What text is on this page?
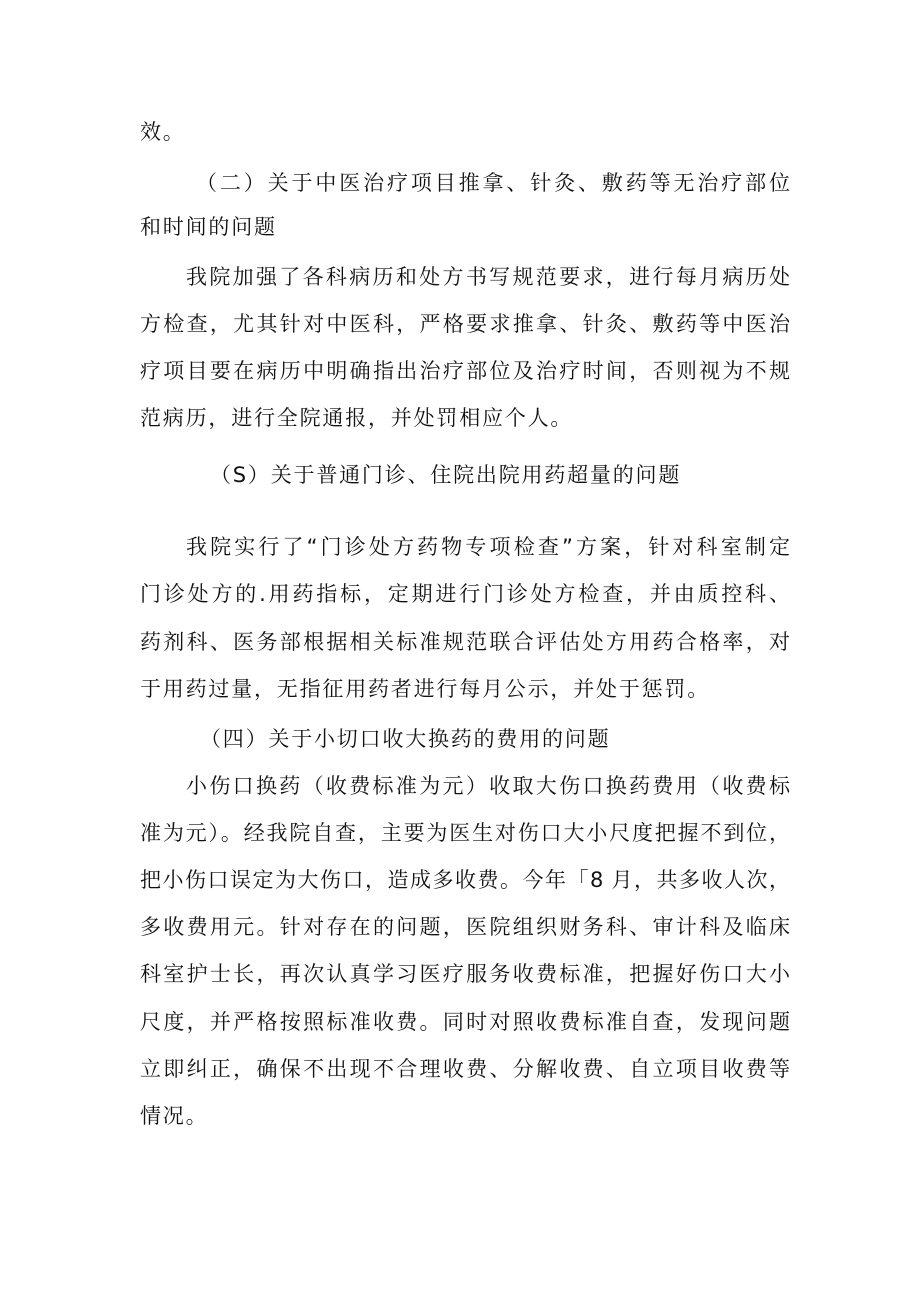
效。
（二）关于中医治疗项目推拿、针灸、敷药等无治疗部位
和时间的问题
我院加强了各科病历和处方书写规范要求，进行每月病历处
方检查，尤其针对中医科，严格要求推拿、针灸、敷药等中医治
疗项目要在病历中明确指出治疗部位及治疗时间，否则视为不规
范病历，进行全院通报，并处罚相应个人。
（S）关于普通门诊、住院出院用药超量的问题
我院实行了“门诊处方药物专项检查”方案，针对科室制定
门诊处方的.用药指标，定期进行门诊处方检查，并由质控科、
药剂科、医务部根据相关标准规范联合评估处方用药合格率，对
于用药过量，无指征用药者进行每月公示，并处于惩罚。
（四）关于小切口收大换药的费用的问题
小伤口换药（收费标准为元）收取大伤口换药费用（收费标
准为元）。经我院自查，主要为医生对伤口大小尺度把握不到位，
把小伤口误定为大伤口，造成多收费。今年「8 月，共多收人次，
多收费用元。针对存在的问题，医院组织财务科、审计科及临床
科室护士长，再次认真学习医疗服务收费标准，把握好伤口大小
尺度，并严格按照标准收费。同时对照收费标准自查，发现问题
立即纠正，确保不出现不合理收费、分解收费、自立项目收费等
情况。
